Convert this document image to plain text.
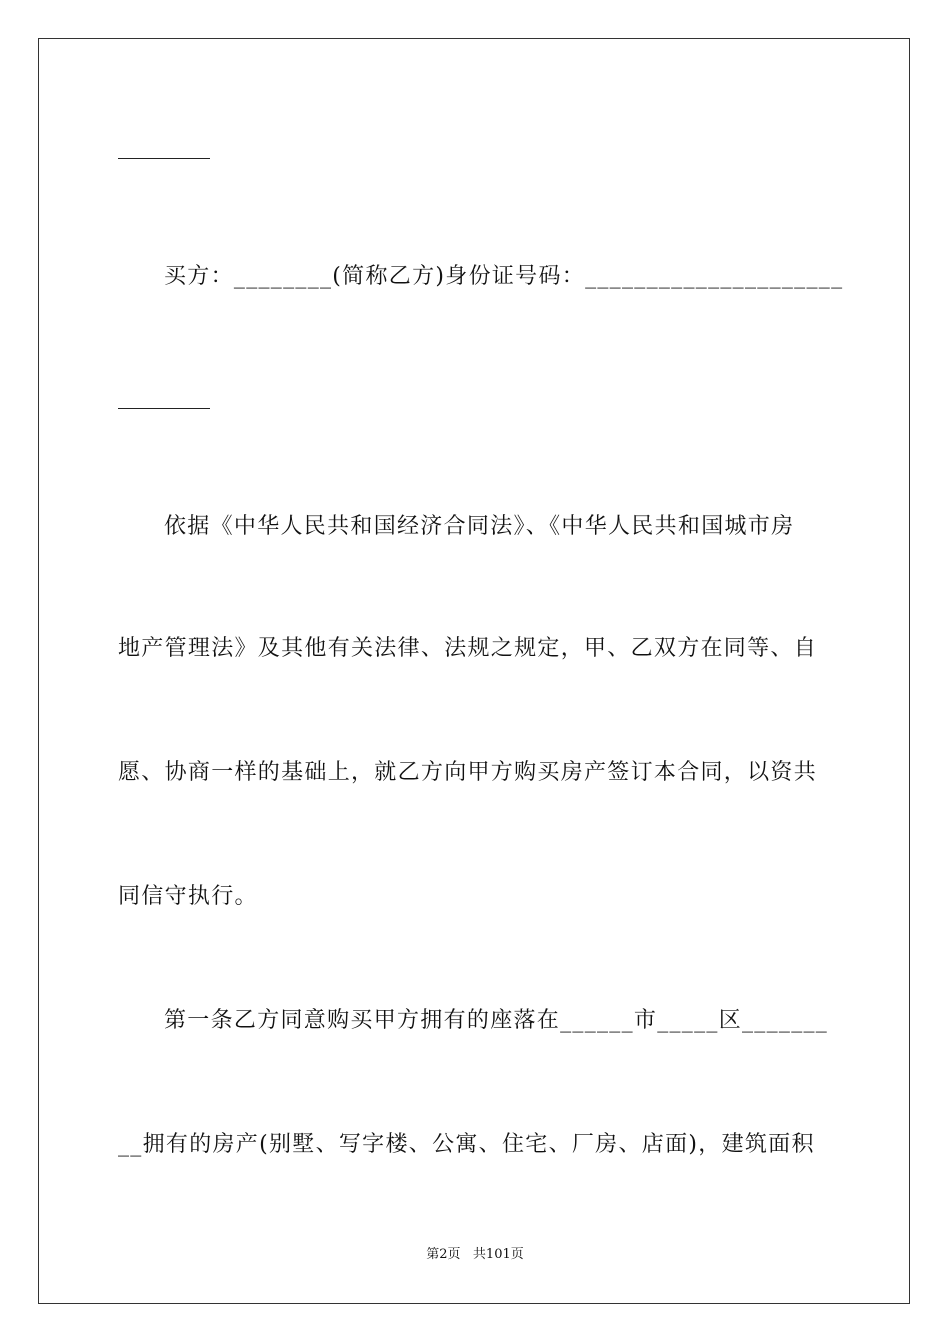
买方：________(简称乙方)身份证号码：_____________________
依据《中华人民共和国经济合同法》、《中华人民共和国城市房
地产管理法》及其他有关法律、法规之规定，甲、乙双方在同等、自
愿、协商一样的基础上，就乙方向甲方购买房产签订本合同，以资共
同信守执行。
第一条乙方同意购买甲方拥有的座落在______市_____区_______
__拥有的房产(别墅、写字楼、公寓、住宅、厂房、店面)，建筑面积
第2页   共101页
